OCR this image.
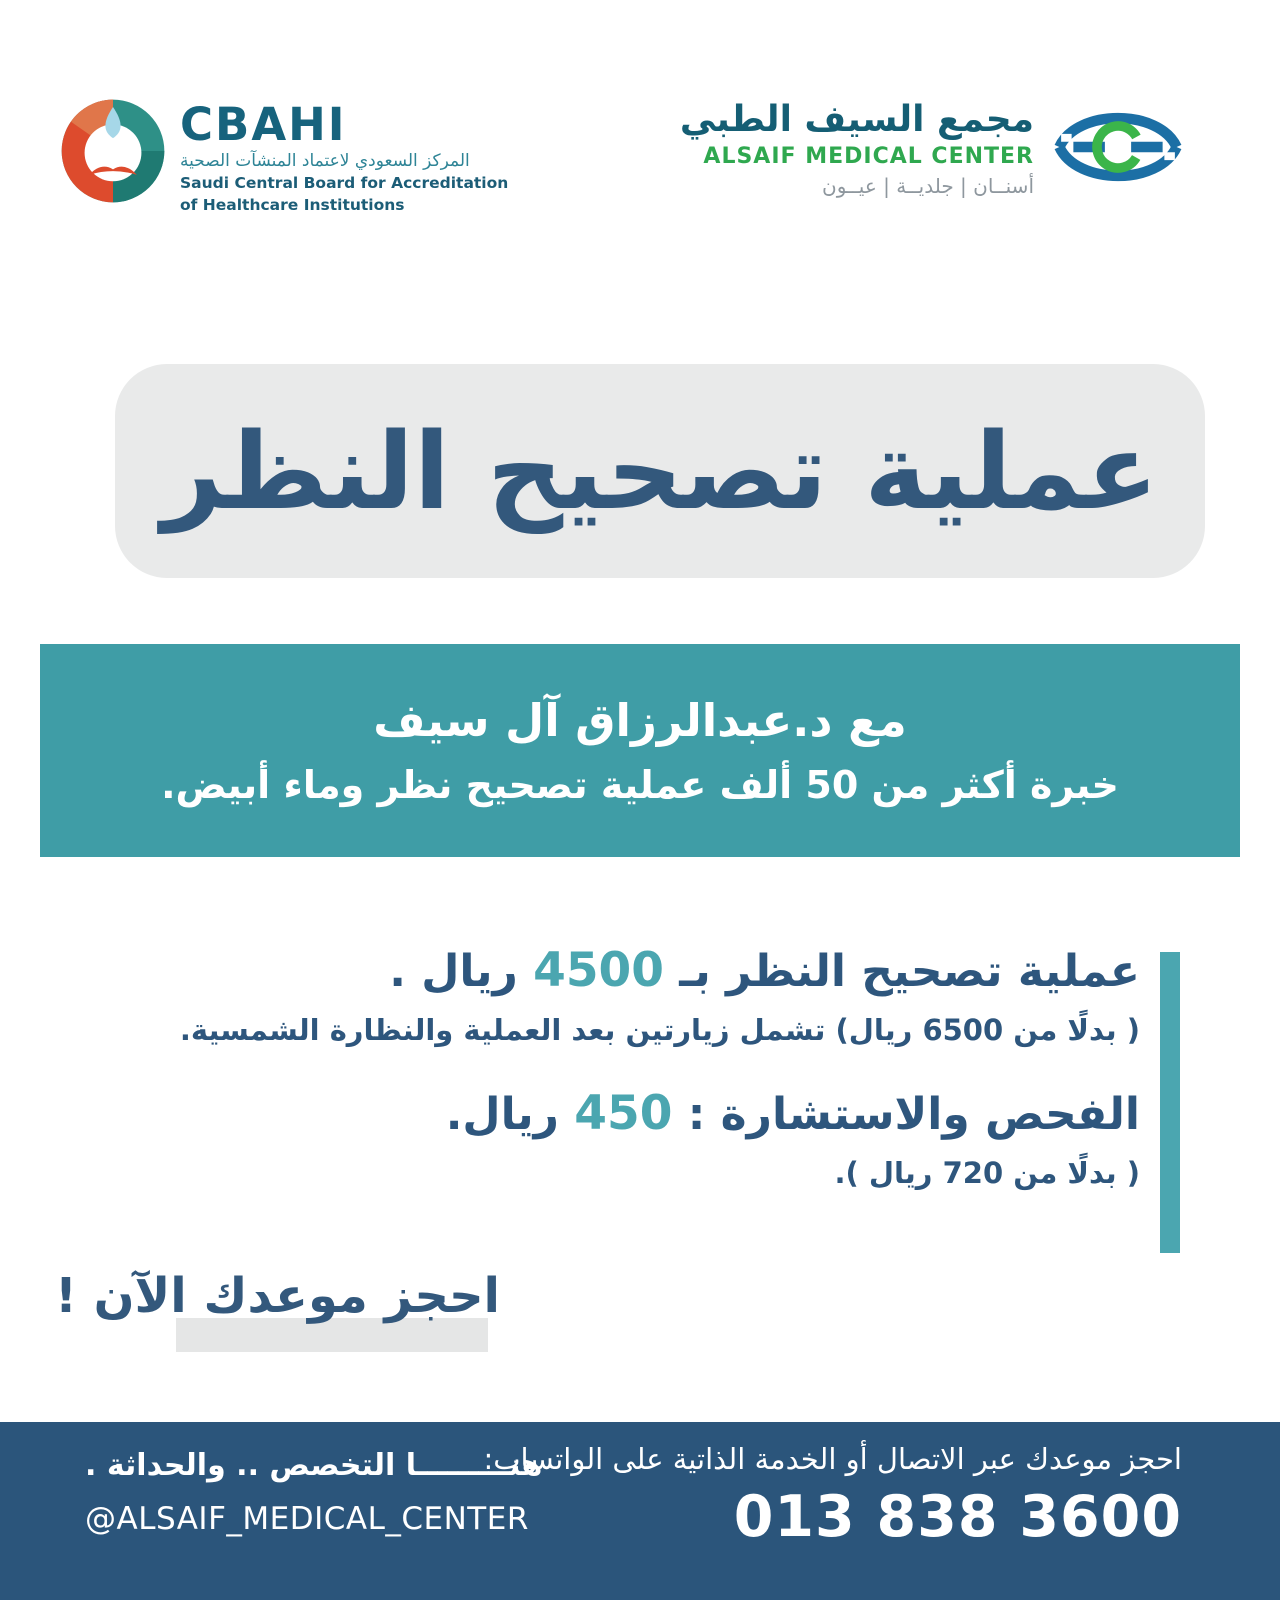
CBAHI
المركز السعودي لاعتماد المنشآت الصحية
Saudi Central Board for Accreditation
of Healthcare Institutions
مجمع السيف الطبي
ALSAIF MEDICAL CENTER
أسنــان | جلديــة | عيــون
عملية تصحيح النظر
مع د.عبدالرزاق آل سيف
خبرة أكثر من 50 ألف عملية تصحيح نظر وماء أبيض.
عملية تصحيح النظر بـ 4500 ريال .
( بدلًا من 6500 ريال) تشمل زيارتين بعد العملية والنظارة الشمسية.
الفحص والاستشارة : 450 ريال.
( بدلًا من 720 ريال ).
احجز موعدك الآن !
احجز موعدك عبر الاتصال أو الخدمة الذاتية على الواتساب:
013 838 3600
هنـــــــــا التخصص .. والحداثة .
@ALSAIF_MEDICAL_CENTER
